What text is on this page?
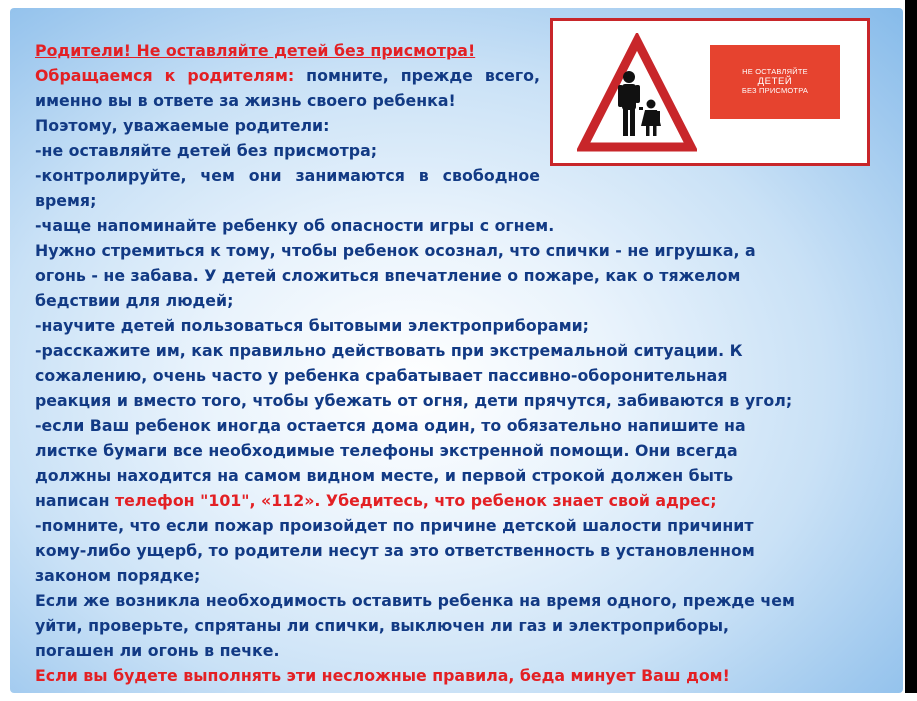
НЕ ОСТАВЛЯЙТЕ
ДЕТЕЙ
БЕЗ ПРИСМОТРА
Родители! Не оставляйте детей без присмотра!
Обращаемся к родителям: помните, прежде всего,
именно вы в ответе за жизнь своего ребенка!
Поэтому, уважаемые родители:
-не оставляйте детей без присмотра;
-контролируйте, чем они занимаются в свободное
время;
-чаще напоминайте ребенку об опасности игры с огнем.
Нужно стремиться к тому, чтобы ребенок осознал, что спички - не игрушка, а
огонь - не забава. У детей сложиться впечатление о пожаре, как о тяжелом
бедствии для людей;
-научите детей пользоваться бытовыми электроприборами;
-расскажите им, как правильно действовать при экстремальной ситуации. К
сожалению, очень часто у ребенка срабатывает пассивно-оборонительная
реакция и вместо того, чтобы убежать от огня, дети прячутся, забиваются в угол;
-если Ваш ребенок иногда остается дома один, то обязательно напишите на
листке бумаги все необходимые телефоны экстренной помощи. Они всегда
должны находится на самом видном месте, и первой строкой должен быть
написан телефон "101", «112». Убедитесь, что ребенок знает свой адрес;
-помните, что если пожар произойдет по причине детской шалости причинит
кому-либо ущерб, то родители несут за это ответственность в установленном
законом порядке;
Если же возникла необходимость оставить ребенка на время одного, прежде чем
уйти, проверьте, спрятаны ли спички, выключен ли газ и электроприборы,
погашен ли огонь в печке.
Если вы будете выполнять эти несложные правила, беда минует Ваш дом!
